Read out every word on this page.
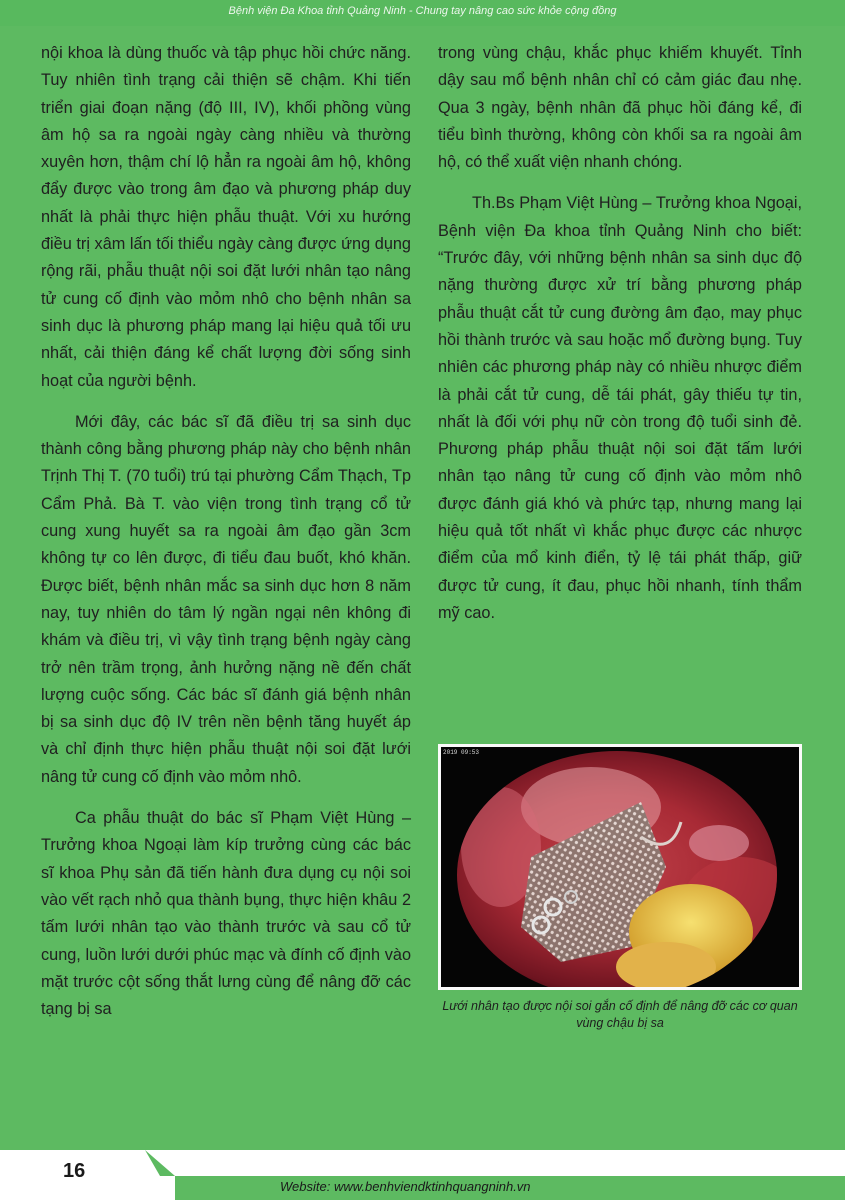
Bệnh viện Đa Khoa tỉnh Quảng Ninh - Chung tay nâng cao sức khỏe cộng đồng

nội khoa là dùng thuốc và tập phục hồi chức năng. Tuy nhiên tình trạng cải thiện sẽ chậm. Khi tiến triển giai đoạn nặng (độ III, IV), khối phồng vùng âm hộ sa ra ngoài ngày càng nhiều và thường xuyên hơn, thậm chí lộ hẳn ra ngoài âm hộ, không đẩy được vào trong âm đạo và phương pháp duy nhất là phải thực hiện phẫu thuật. Với xu hướng điều trị xâm lấn tối thiểu ngày càng được ứng dụng rộng rãi, phẫu thuật nội soi đặt lưới nhân tạo nâng tử cung cố định vào mỏm nhô cho bệnh nhân sa sinh dục là phương pháp mang lại hiệu quả tối ưu nhất, cải thiện đáng kể chất lượng đời sống sinh hoạt của người bệnh.

Mới đây, các bác sĩ đã điều trị sa sinh dục thành công bằng phương pháp này cho bệnh nhân Trịnh Thị T. (70 tuổi) trú tại phường Cẩm Thạch, Tp Cẩm Phả. Bà T. vào viện trong tình trạng cổ tử cung xung huyết sa ra ngoài âm đạo gần 3cm không tự co lên được, đi tiểu đau buốt, khó khăn. Được biết, bệnh nhân mắc sa sinh dục hơn 8 năm nay, tuy nhiên do tâm lý ngần ngại nên không đi khám và điều trị, vì vậy tình trạng bệnh ngày càng trở nên trầm trọng, ảnh hưởng nặng nề đến chất lượng cuộc sống. Các bác sĩ đánh giá bệnh nhân bị sa sinh dục độ IV trên nền bệnh tăng huyết áp và chỉ định thực hiện phẫu thuật nội soi đặt lưới nâng tử cung cố định vào mỏm nhô.

Ca phẫu thuật do bác sĩ Phạm Việt Hùng – Trưởng khoa Ngoại làm kíp trưởng cùng các bác sĩ khoa Phụ sản đã tiến hành đưa dụng cụ nội soi vào vết rạch nhỏ qua thành bụng, thực hiện khâu 2 tấm lưới nhân tạo vào thành trước và sau cổ tử cung, luồn lưới dưới phúc mạc và đính cố định vào mặt trước cột sống thắt lưng cùng để nâng đỡ các tạng bị sa

trong vùng chậu, khắc phục khiếm khuyết. Tỉnh dậy sau mổ bệnh nhân chỉ có cảm giác đau nhẹ. Qua 3 ngày, bệnh nhân đã phục hồi đáng kể, đi tiểu bình thường, không còn khối sa ra ngoài âm hộ, có thể xuất viện nhanh chóng.

Th.Bs Phạm Việt Hùng – Trưởng khoa Ngoại, Bệnh viện Đa khoa tỉnh Quảng Ninh cho biết: “Trước đây, với những bệnh nhân sa sinh dục độ nặng thường được xử trí bằng phương pháp phẫu thuật cắt tử cung đường âm đạo, may phục hồi thành trước và sau hoặc mổ đường bụng. Tuy nhiên các phương pháp này có nhiều nhược điểm là phải cắt tử cung, dễ tái phát, gây thiếu tự tin, nhất là đối với phụ nữ còn trong độ tuổi sinh đẻ. Phương pháp phẫu thuật nội soi đặt tấm lưới nhân tạo nâng tử cung cố định vào mỏm nhô được đánh giá khó và phức tạp, nhưng mang lại hiệu quả tốt nhất vì khắc phục được các nhược điểm của mổ kinh điển, tỷ lệ tái phát thấp, giữ được tử cung, ít đau, phục hồi nhanh, tính thẩm mỹ cao.

2019 09:53
Lưới nhân tạo được nội soi gắn cố định để nâng đỡ các cơ quan vùng chậu bị sa
16
Website: www.benhviendktinhquangninh.vn
